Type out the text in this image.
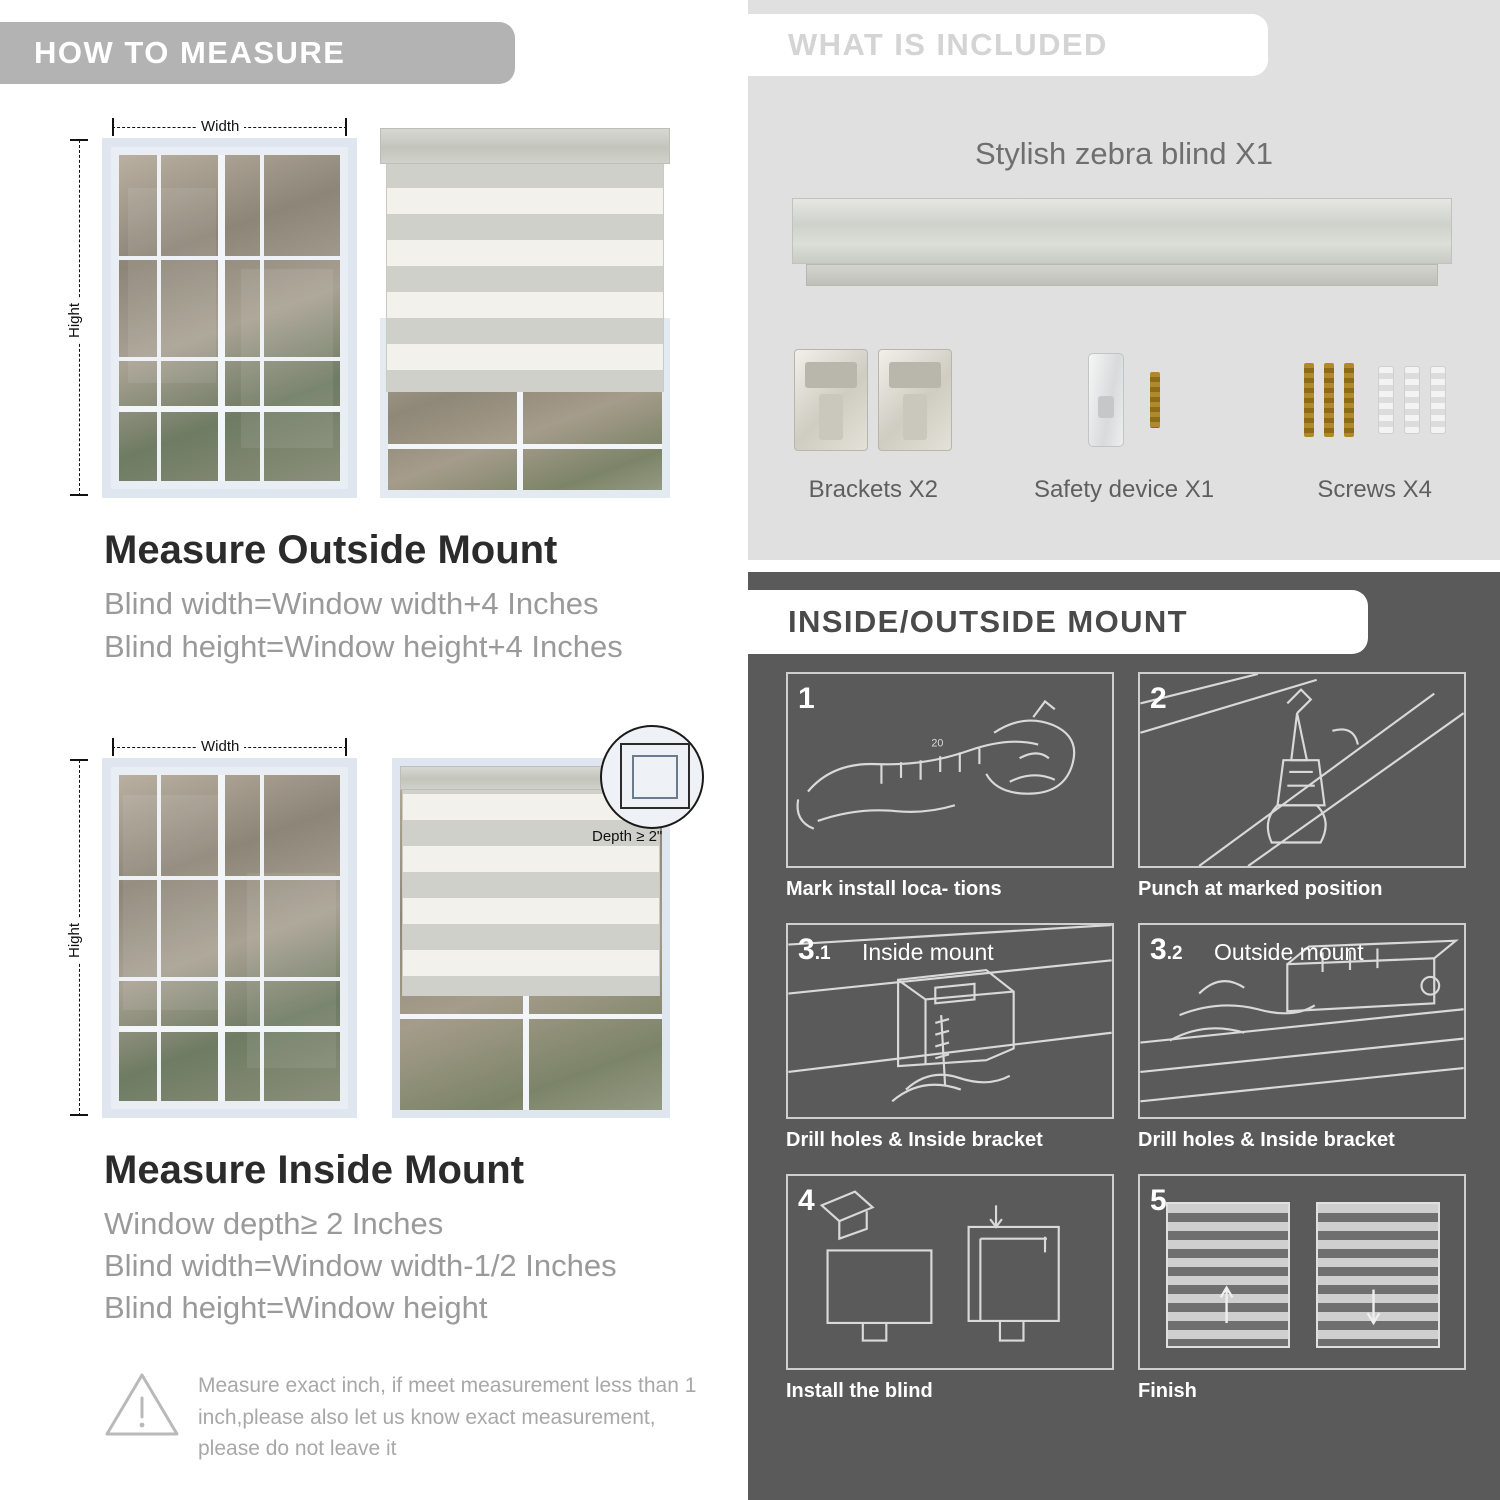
HOW TO MEASURE
Width
Hight
Measure Outside Mount
Blind width=Window width+4 Inches
Blind height=Window height+4 Inches
Width
Hight
Depth ≥ 2"
Measure Inside Mount
Window depth≥ 2 Inches
Blind width=Window width-1/2 Inches
Blind height=Window height
Measure exact inch, if meet measurement less than 1 inch,please also let us know exact measurement, please do not leave it
WHAT IS INCLUDED
Stylish zebra blind X1
Brackets X2	Safety device X1	Screws X4
INSIDE/OUTSIDE MOUNT
20
1
Mark install loca- tions
2
Punch at marked position
3.1 Inside mount
Drill holes & Inside bracket
3.2 Outside mount
Drill holes & Inside bracket
4
Install the blind
5
Finish
